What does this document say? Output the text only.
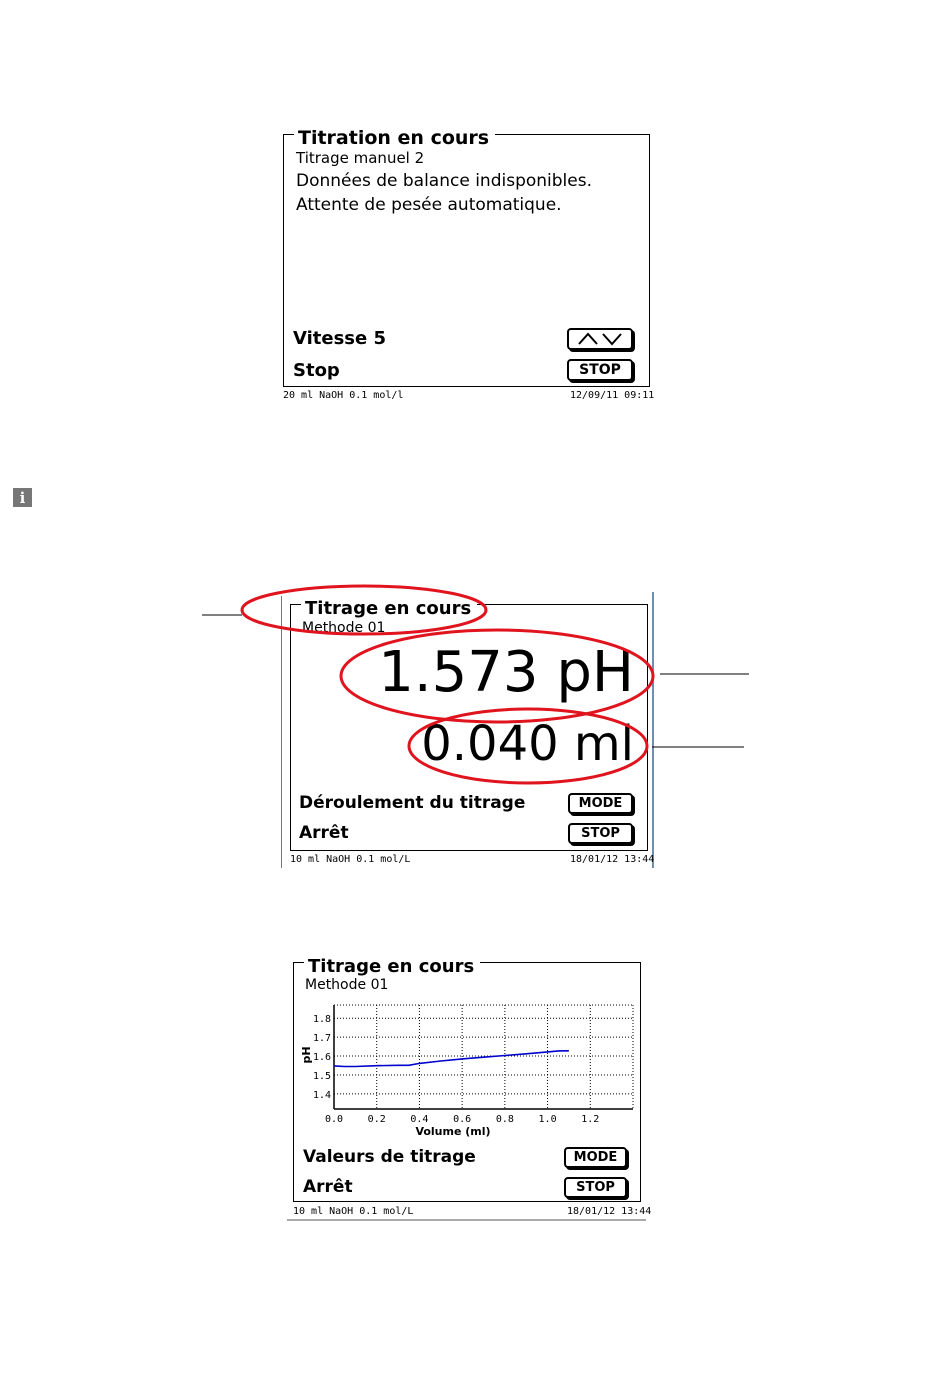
Titration en cours
Titrage manuel 2
Données de balance indisponibles.
Attente de pesée automatique.
Vitesse 5
Stop	STOP
20 ml NaOH 0.1 mol/l	12/09/11 09:11
i
Titrage en cours
Methode 01
1.573 pH
0.040 ml
Déroulement du titrage	MODE
Arrêt	STOP
10 ml NaOH 0.1 mol/L	18/01/12 13:44
Titrage en cours
Methode 01
0.0 0.2 0.4 0.6 0.8 1.0 1.2
1.4
1.5
1.6
1.7
1.8
Volume (ml)
pH
Valeurs de titrage	MODE
Arrêt	STOP
10 ml NaOH 0.1 mol/L	18/01/12 13:44
